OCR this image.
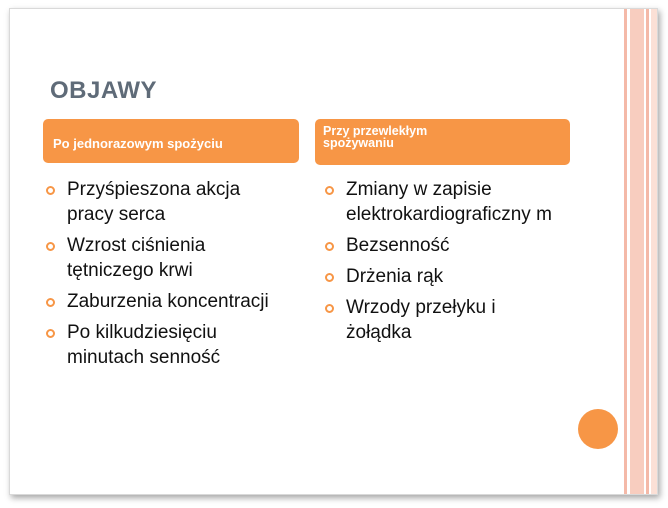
OBJAWY
Po jednorazowym spożyciu
Przy przewlekłym
spożywaniu
Przyśpieszona akcja pracy serca
Wzrost ciśnienia tętniczego krwi
Zaburzenia koncentracji
Po kilkudziesięciu minutach senność
Zmiany w zapisie elektrokardiograficzny m
Bezsenność
Drżenia rąk
Wrzody przełyku i żołądka
